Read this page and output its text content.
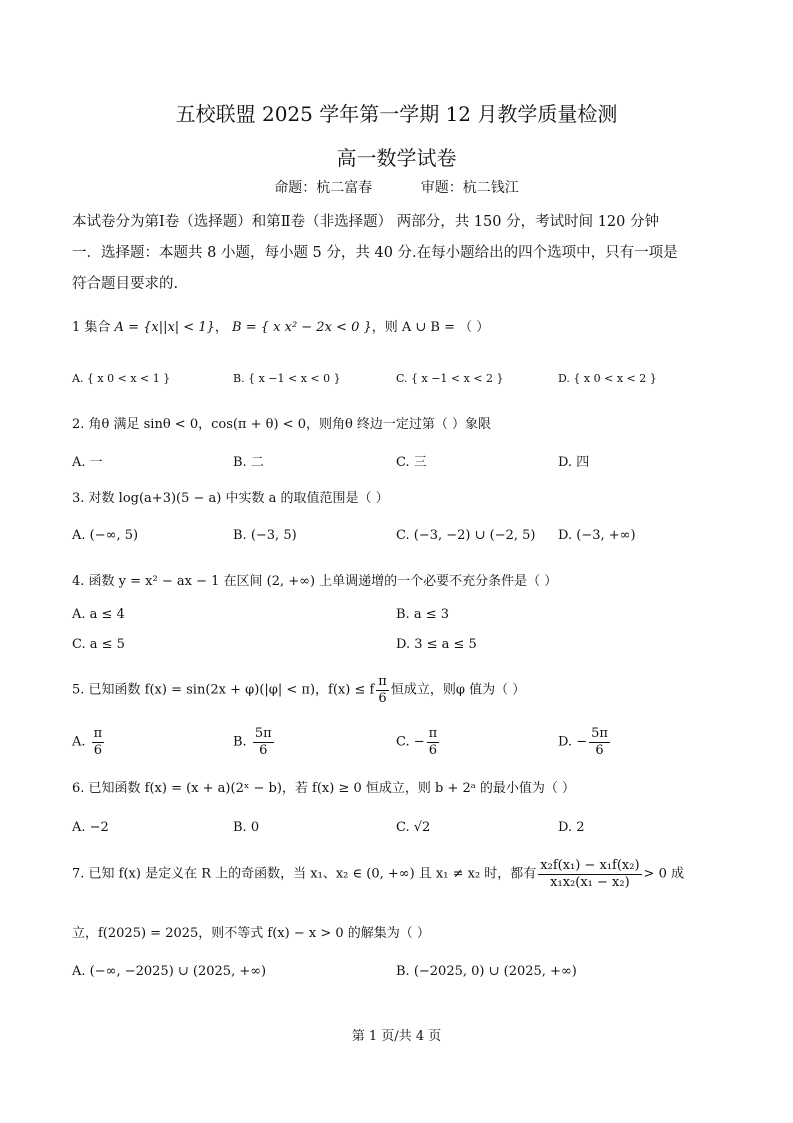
五校联盟 2025 学年第一学期 12 月教学质量检测
高一数学试卷
命题：杭二富春	审题：杭二钱江
本试卷分为第Ⅰ卷（选择题）和第Ⅱ卷（非选择题） 两部分，共 150 分，考试时间 120 分钟
一．选择题：本题共 8 小题，每小题 5 分，共 40 分.在每小题给出的四个选项中，只有一项是
符合题目要求的.
1 集合 A = {x||x| < 1}， B = { x x² − 2x < 0 }，则 A ∪ B = （ ）
A. { x 0 < x < 1 }	B. { x −1 < x < 0 }	C. { x −1 < x < 2 }	D. { x 0 < x < 2 }
2. 角θ 满足 sinθ < 0，cos(π + θ) < 0，则角θ 终边一定过第（ ）象限
A. 一	B. 二	C. 三	D. 四
3. 对数 log(a+3)(5 − a) 中实数 a 的取值范围是（ ）
A. (−∞, 5)	B. (−3, 5)	C. (−3, −2) ∪ (−2, 5) D. (−3, +∞)
4. 函数 y = x² − ax − 1 在区间 (2, +∞) 上单调递增的一个必要不充分条件是（ ）
A. a ≤ 4	B. a ≤ 3
C. a ≤ 5	D. 3 ≤ a ≤ 5
5. 已知函数 f(x) = sin(2x + φ)(|φ| < π)，f(x) ≤ f $\frac{\pi}{6}$ 恒成立，则φ 值为（ ）
A. $\frac{\pi}{6}$	B. $\frac{5\pi}{6}$	C. − $\frac{\pi}{6}$	D. − $\frac{5\pi}{6}$
6. 已知函数 f(x) = (x + a)(2ˣ − b)，若 f(x) ≥ 0 恒成立，则 b + 2ᵃ 的最小值为（ ）
A. −2	B. 0	C. √2	D. 2
7. 已知 f(x) 是定义在 R 上的奇函数，当 x₁、x₂ ∈ (0, +∞) 且 x₁ ≠ x₂ 时，都有 $\frac{\text{x₂f(x₁) − x₁f(x₂)}}{\text{x₁x₂(x₁ − x₂)}} > 0$ 成
立，f(2025) = 2025，则不等式 f(x) − x > 0 的解集为（ ）
A. (−∞, −2025) ∪ (2025, +∞)	B. (−2025, 0) ∪ (2025, +∞)
第 1 页/共 4 页
